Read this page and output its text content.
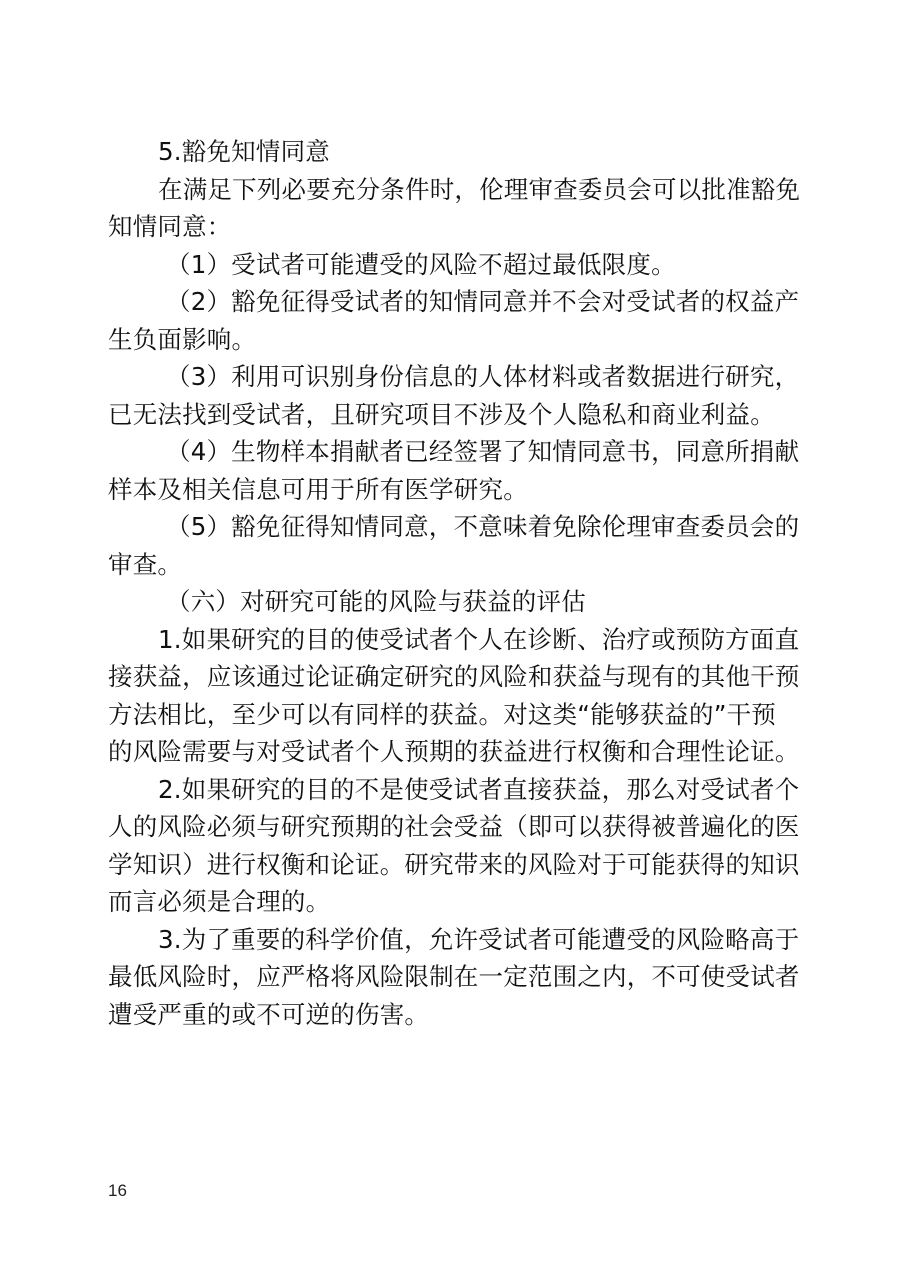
5.豁免知情同意
在满足下列必要充分条件时，伦理审查委员会可以批准豁免
知情同意：
（1）受试者可能遭受的风险不超过最低限度。
（2）豁免征得受试者的知情同意并不会对受试者的权益产
生负面影响。
（3）利用可识别身份信息的人体材料或者数据进行研究，
已无法找到受试者，且研究项目不涉及个人隐私和商业利益。
（4）生物样本捐献者已经签署了知情同意书，同意所捐献
样本及相关信息可用于所有医学研究。
（5）豁免征得知情同意，不意味着免除伦理审查委员会的
审查。
（六）对研究可能的风险与获益的评估
1.如果研究的目的使受试者个人在诊断、治疗或预防方面直
接获益，应该通过论证确定研究的风险和获益与现有的其他干预
方法相比，至少可以有同样的获益。对这类“能够获益的”干预
的风险需要与对受试者个人预期的获益进行权衡和合理性论证。
2.如果研究的目的不是使受试者直接获益，那么对受试者个
人的风险必须与研究预期的社会受益（即可以获得被普遍化的医
学知识）进行权衡和论证。研究带来的风险对于可能获得的知识
而言必须是合理的。
3.为了重要的科学价值，允许受试者可能遭受的风险略高于
最低风险时，应严格将风险限制在一定范围之内，不可使受试者
遭受严重的或不可逆的伤害。
16
